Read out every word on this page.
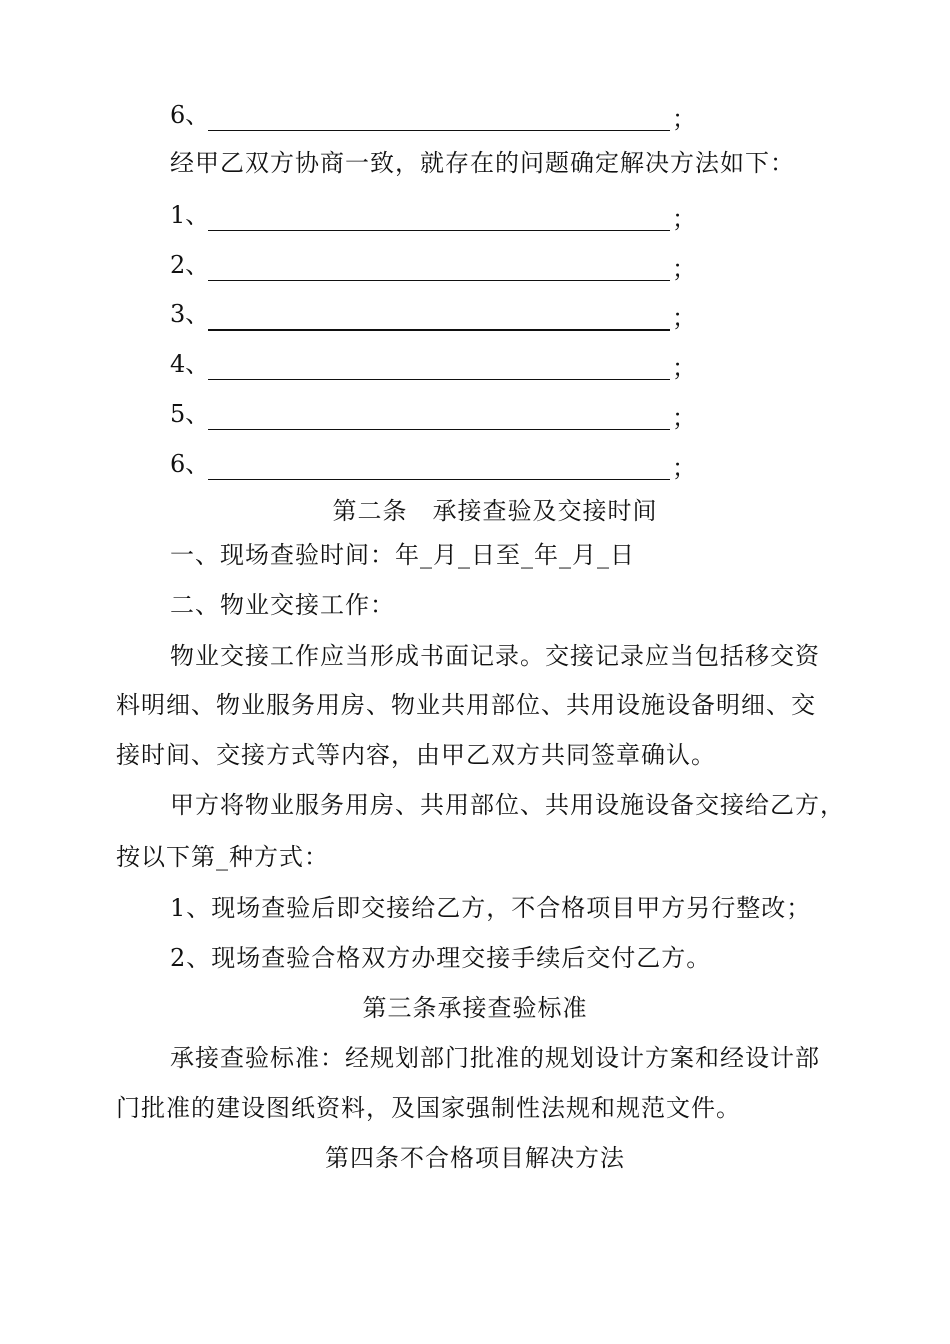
6、	；
经甲乙双方协商一致，就存在的问题确定解决方法如下：
1、	；
2、	；
3、	；
4、	；
5、	；
6、	；
第二条　承接查验及交接时间
一、现场查验时间：年_月_日至_年_月_日
二、物业交接工作：
物业交接工作应当形成书面记录。交接记录应当包括移交资
料明细、物业服务用房、物业共用部位、共用设施设备明细、交
接时间、交接方式等内容，由甲乙双方共同签章确认。
甲方将物业服务用房、共用部位、共用设施设备交接给乙方，
按以下第_种方式：
1、现场查验后即交接给乙方，不合格项目甲方另行整改；
2、现场查验合格双方办理交接手续后交付乙方。
第三条承接查验标准
承接查验标准：经规划部门批准的规划设计方案和经设计部
门批准的建设图纸资料，及国家强制性法规和规范文件。
第四条不合格项目解决方法
